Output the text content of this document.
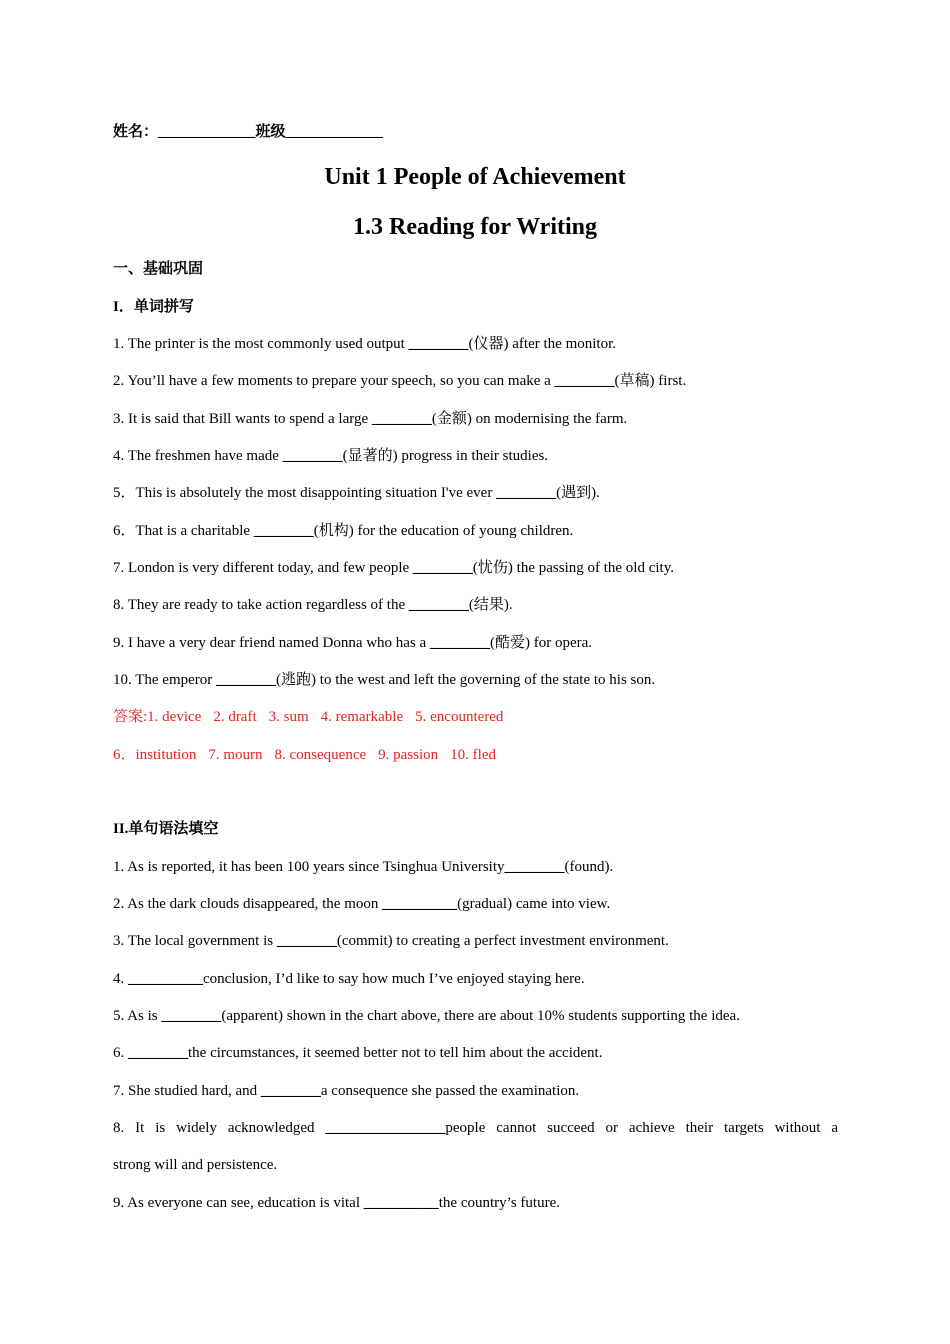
姓名：_____________班级_____________
Unit 1 People of Achievement
1.3 Reading for Writing
一、基础巩固
I．单词拼写
1. The printer is the most commonly used output ________(仪器) after the monitor.
2. You’ll have a few moments to prepare your speech, so you can make a ________(草稿) first.
3. It is said that Bill wants to spend a large ________(金额) on modernising the farm.
4. The freshmen have made ________(显著的) progress in their studies.
5．This is absolutely the most disappointing situation I've ever ________(遇到).
6．That is a charitable ________(机构) for the education of young children.
7. London is very different today, and few people ________(忧伤) the passing of the old city.
8. They are ready to take action regardless of the ________(结果).
9. I have a very dear friend named Donna who has a ________(酷爱) for opera.
10. The emperor ________(逃跑) to the west and left the governing of the state to his son.
答案:1. device 2. draft 3. sum 4. remarkable 5. encountered
6．institution 7. mourn 8. consequence 9. passion 10. fled
II.单句语法填空
1. As is reported, it has been 100 years since Tsinghua University________(found).
2. As the dark clouds disappeared, the moon __________(gradual) came into view.
3. The local government is ________(commit) to creating a perfect investment environment.
4. __________conclusion, I’d like to say how much I’ve enjoyed staying here.
5. As is ________(apparent) shown in the chart above, there are about 10% students supporting the idea.
6. ________the circumstances, it seemed better not to tell him about the accident.
7. She studied hard, and ________a consequence she passed the examination.
8. It is widely acknowledged ________________people cannot succeed or achieve their targets without a
strong will and persistence.
9. As everyone can see, education is vital __________the country’s future.
